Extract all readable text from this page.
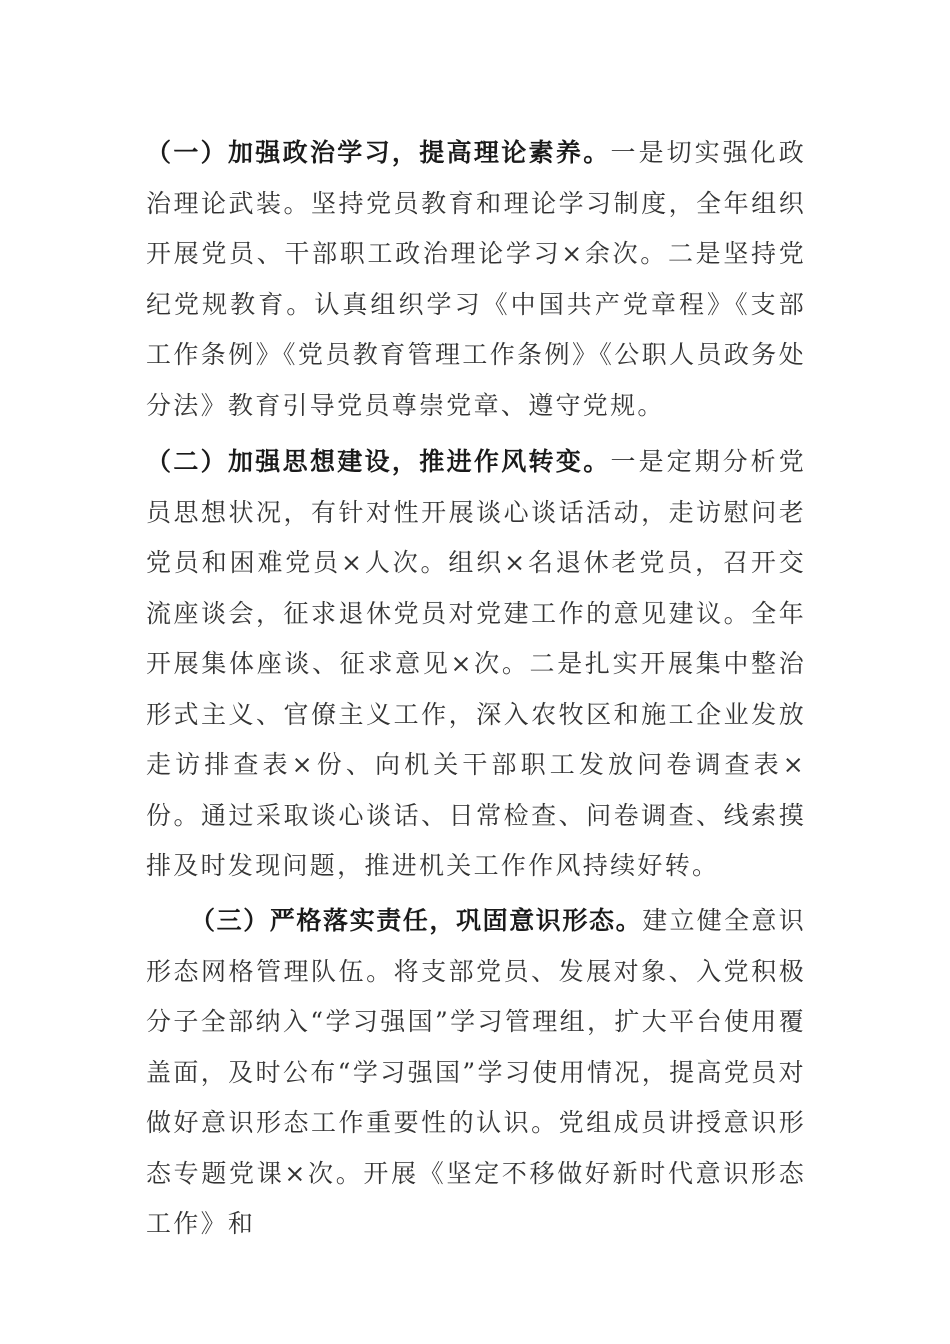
（一）加强政治学习，提高理论素养。一是切实强化政治理论武装。坚持党员教育和理论学习制度，全年组织开展党员、干部职工政治理论学习×余次。二是坚持党纪党规教育。认真组织学习《中国共产党章程》《支部工作条例》《党员教育管理工作条例》《公职人员政务处分法》教育引导党员尊崇党章、遵守党规。

（二）加强思想建设，推进作风转变。一是定期分析党员思想状况，有针对性开展谈心谈话活动，走访慰问老党员和困难党员×人次。组织×名退休老党员，召开交流座谈会，征求退休党员对党建工作的意见建议。全年开展集体座谈、征求意见×次。二是扎实开展集中整治形式主义、官僚主义工作，深入农牧区和施工企业发放走访排查表×份、向机关干部职工发放问卷调查表×份。通过采取谈心谈话、日常检查、问卷调查、线索摸排及时发现问题，推进机关工作作风持续好转。

（三）严格落实责任，巩固意识形态。建立健全意识形态网格管理队伍。将支部党员、发展对象、入党积极分子全部纳入“学习强国”学习管理组，扩大平台使用覆盖面，及时公布“学习强国”学习使用情况，提高党员对做好意识形态工作重要性的认识。党组成员讲授意识形态专题党课×次。开展《坚定不移做好新时代意识形态工作》和
